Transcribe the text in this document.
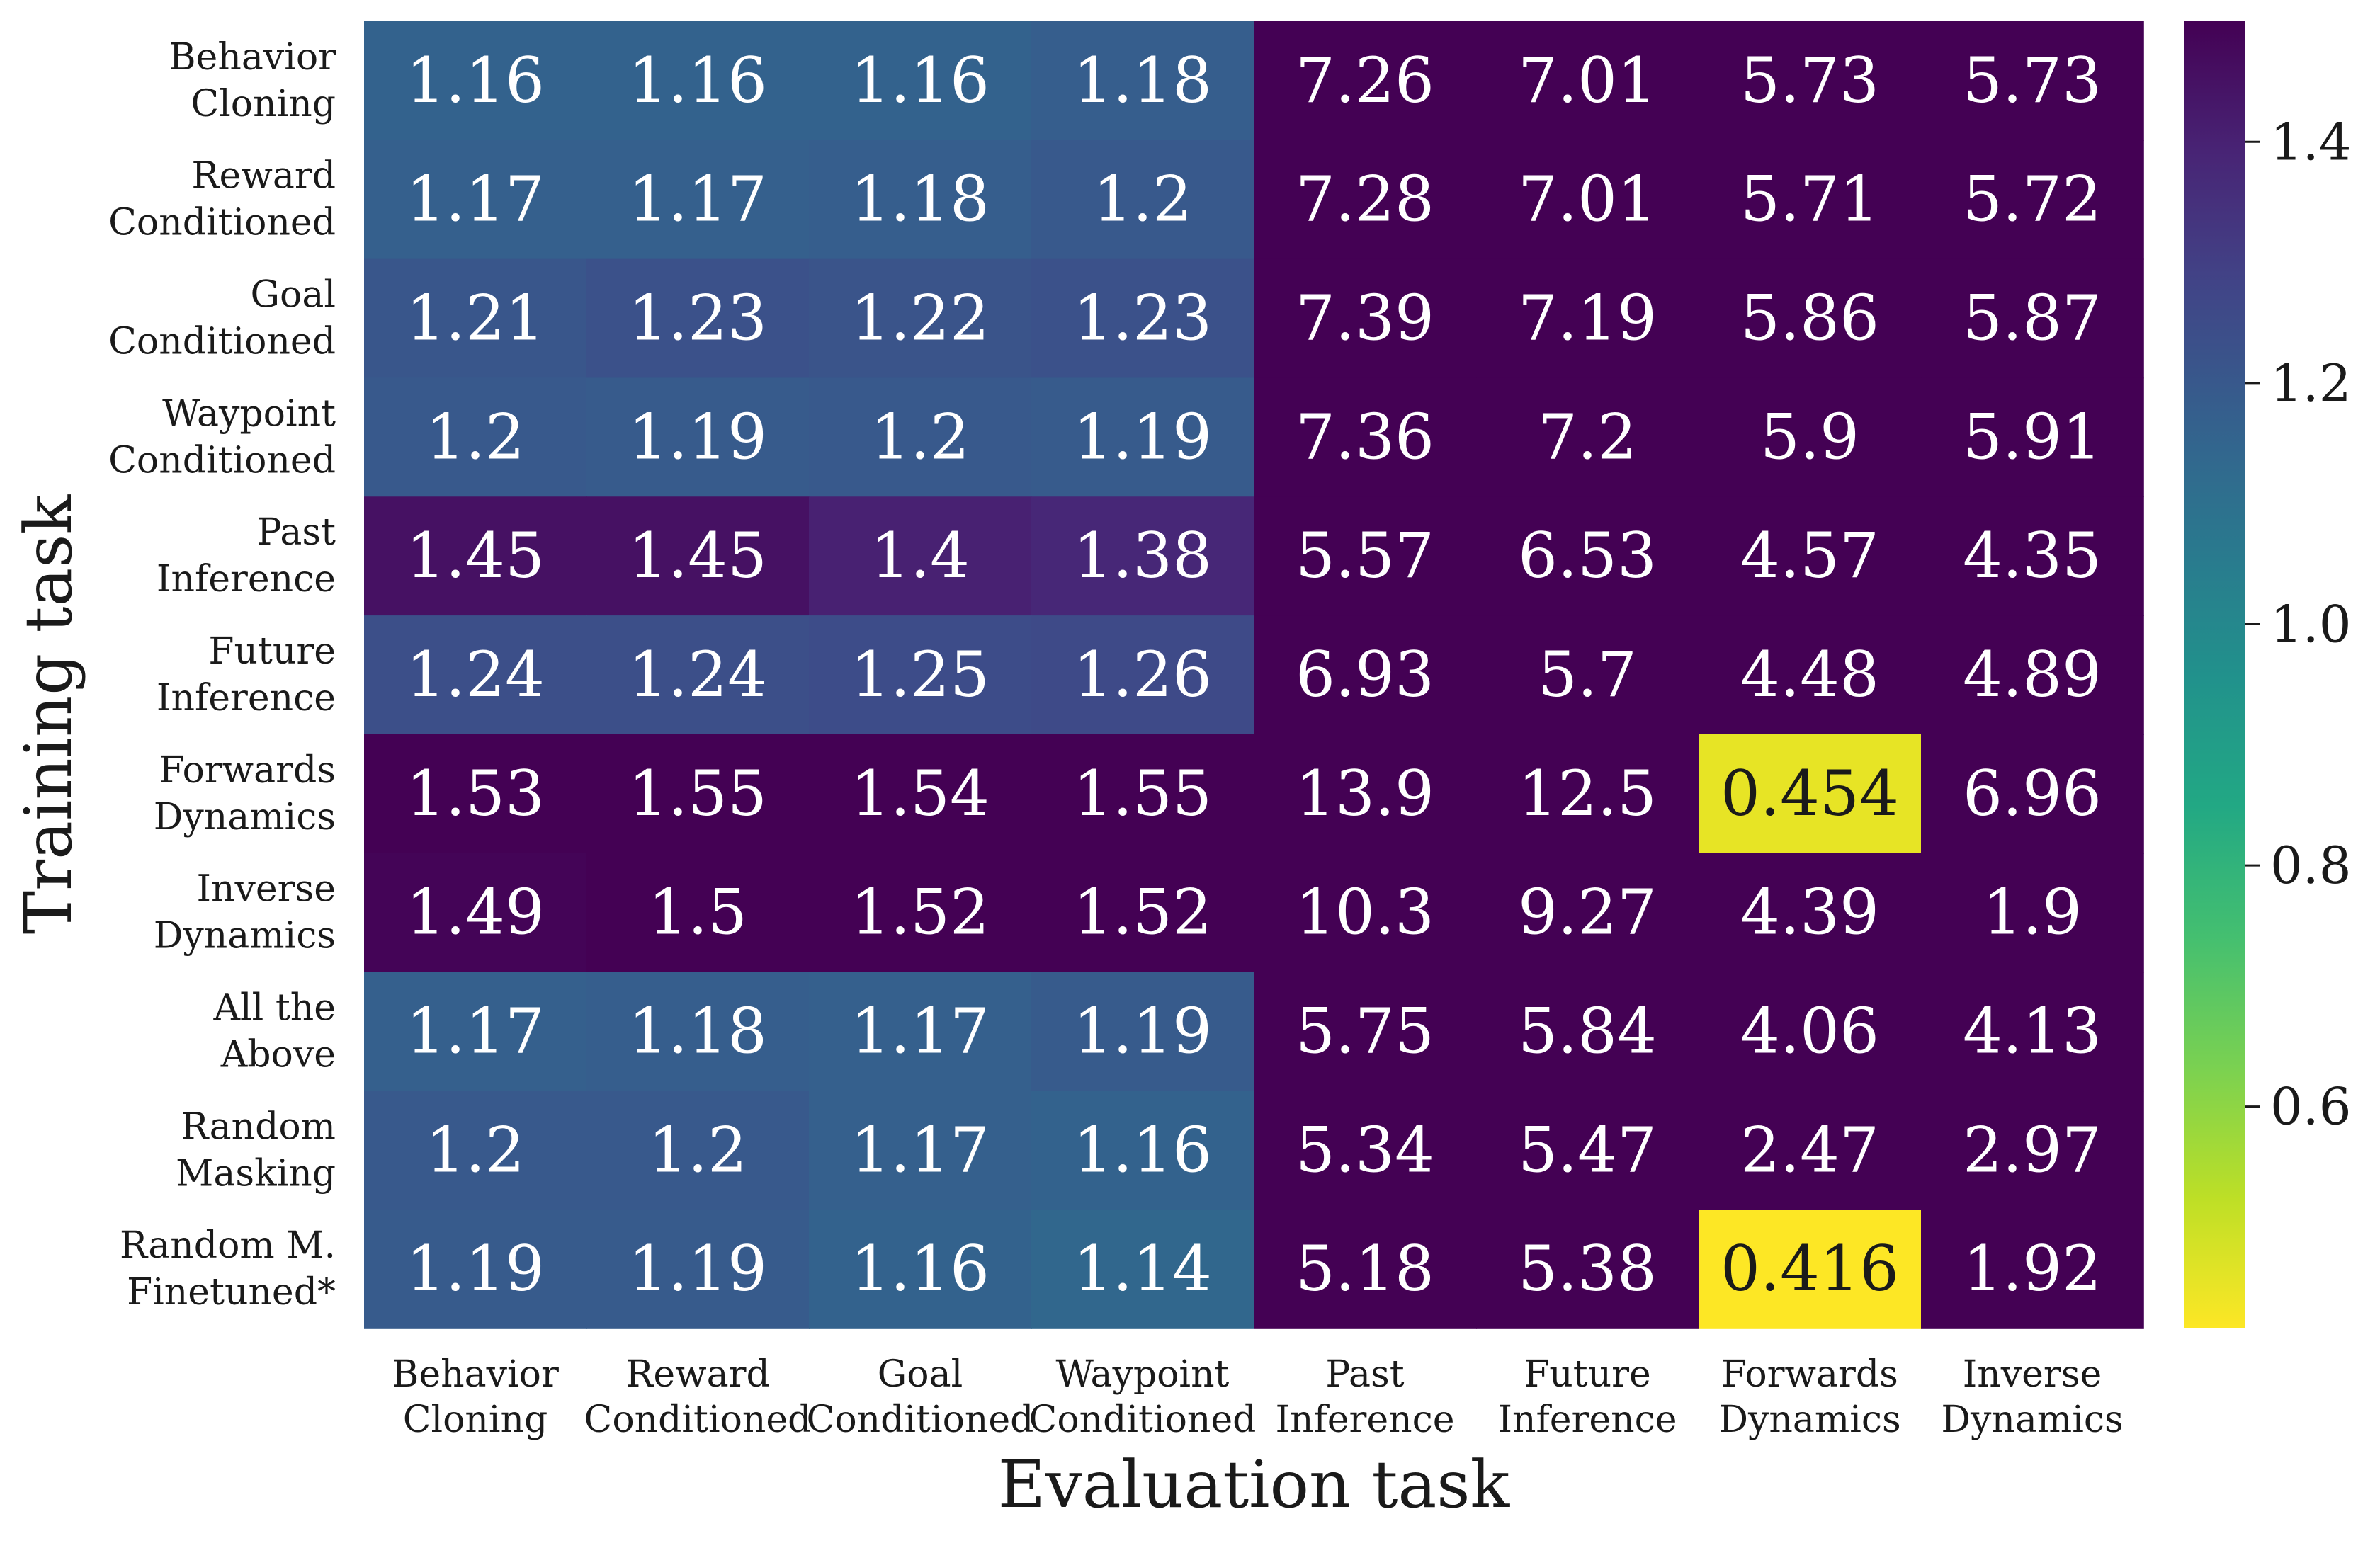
1.16 1.16 1.16 1.18 7.26 7.01 5.73 5.73
1.17 1.17 1.18 1.2 7.28 7.01 5.71 5.72
1.21 1.23 1.22 1.23 7.39 7.19 5.86 5.87
1.2 1.19 1.2 1.19 7.36 7.2 5.9 5.91
1.45 1.45 1.4 1.38 5.57 6.53 4.57 4.35
1.24 1.24 1.25 1.26 6.93 5.7 4.48 4.89
1.53 1.55 1.54 1.55 13.9 12.5 0.454 6.96
1.49 1.5 1.52 1.52 10.3 9.27 4.39 1.9
1.17 1.18 1.17 1.19 5.75 5.84 4.06 4.13
1.2 1.2 1.17 1.16 5.34 5.47 2.47 2.97
1.19 1.19 1.16 1.14 5.18 5.38 0.416 1.92
Behavior Cloning
Reward Conditioned
Goal Conditioned
Waypoint Conditioned
Past Inference
Future Inference
Forwards Dynamics
Inverse Dynamics
All the Above
Random Masking
Random M. Finetuned*
Behavior Cloning
Reward Conditioned
Goal Conditioned
Waypoint Conditioned
Past Inference
Future Inference
Forwards Dynamics
Inverse Dynamics
Evaluation task
Training task
0.6
0.8
1.0
1.2
1.4
